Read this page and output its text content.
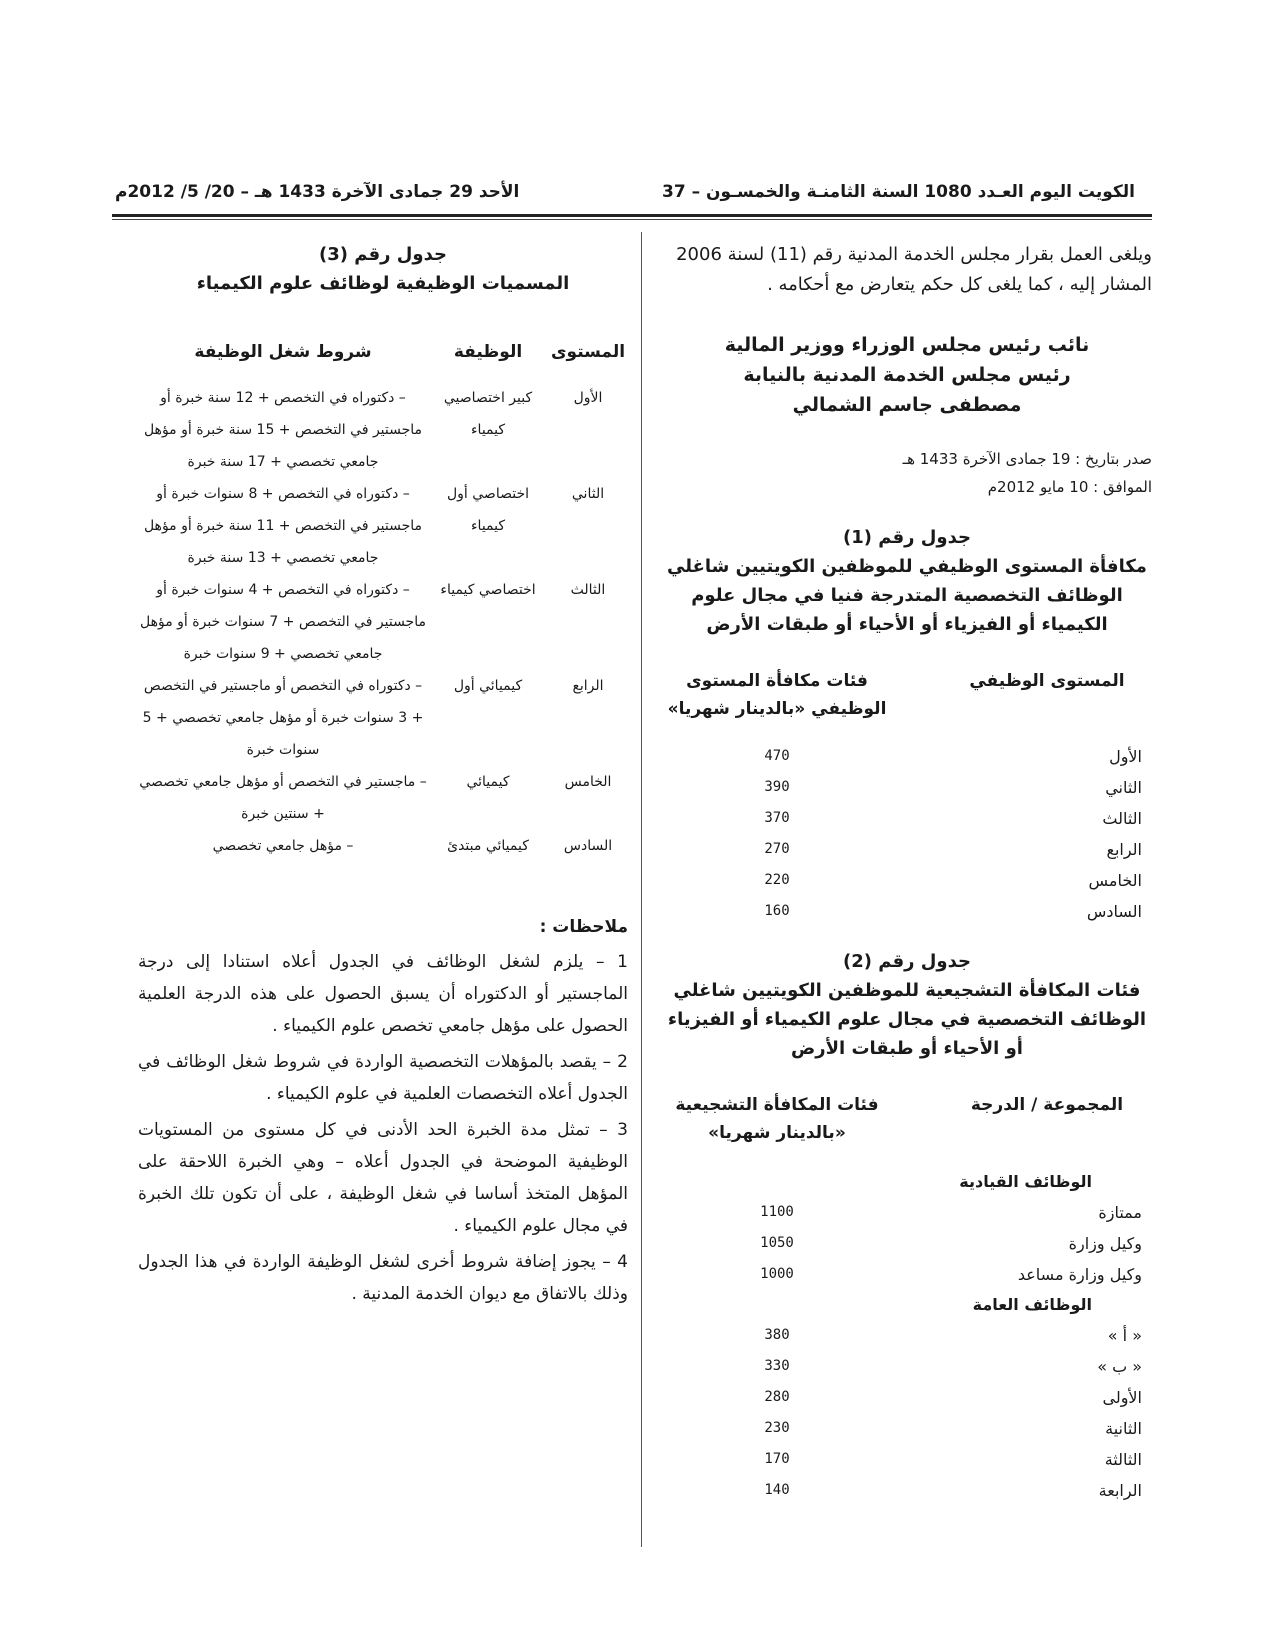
الكويت اليوم العـدد 1080 السنة الثامنـة والخمسـون – 37
الأحد 29 جمادى الآخرة 1433 هـ – 20/ 5/ 2012م
ويلغى العمل بقرار مجلس الخدمة المدنية رقم (11) لسنة 2006 المشار إليه ، كما يلغى كل حكم يتعارض مع أحكامه .
نائب رئيس مجلس الوزراء ووزير المالية
رئيس مجلس الخدمة المدنية بالنيابة
مصطفى جاسم الشمالي
صدر بتاريخ : 19 جمادى الآخرة 1433 هـ
الموافق : 10 مايو 2012م
جدول رقم (1)
مكافأة المستوى الوظيفي للموظفين الكويتيين شاغلي الوظائف التخصصية المتدرجة فنيا في مجال علوم الكيمياء أو الفيزياء أو الأحياء أو طبقات الأرض
المستوى الوظيفي
فئات مكافأة المستوى الوظيفي «بالدينار شهريا»
الأول
470
الثاني
390
الثالث
370
الرابع
270
الخامس
220
السادس
160
جدول رقم (2)
فئات المكافأة التشجيعية للموظفين الكويتيين شاغلي الوظائف التخصصية في مجال علوم الكيمياء أو الفيزياء أو الأحياء أو طبقات الأرض
المجموعة / الدرجة
فئات المكافأة التشجيعية «بالدينار شهريا»
الوظائف القيادية
ممتازة
1100
وكيل وزارة
1050
وكيل وزارة مساعد
1000
الوظائف العامة
« أ »
380
« ب »
330
الأولى
280
الثانية
230
الثالثة
170
الرابعة
140
جدول رقم (3)
المسميات الوظيفية لوظائف علوم الكيمياء
المستوى
الوظيفة
شروط شغل الوظيفة
الأول
كبير اختصاصيي كيمياء
– دكتوراه في التخصص + 12 سنة خبرة أو ماجستير في التخصص + 15 سنة خبرة أو مؤهل جامعي تخصصي + 17 سنة خبرة
الثاني
اختصاصي أول كيمياء
– دكتوراه في التخصص + 8 سنوات خبرة أو ماجستير في التخصص + 11 سنة خبرة أو مؤهل جامعي تخصصي + 13 سنة خبرة
الثالث
اختصاصي كيمياء
– دكتوراه في التخصص + 4 سنوات خبرة أو ماجستير في التخصص + 7 سنوات خبرة أو مؤهل جامعي تخصصي + 9 سنوات خبرة
الرابع
كيميائي أول
– دكتوراه في التخصص أو ماجستير في التخصص + 3 سنوات خبرة أو مؤهل جامعي تخصصي + 5 سنوات خبرة
الخامس
كيميائي
– ماجستير في التخصص أو مؤهل جامعي تخصصي + سنتين خبرة
السادس
كيميائي مبتدئ
– مؤهل جامعي تخصصي
ملاحظات :
1 – يلزم لشغل الوظائف في الجدول أعلاه استنادا إلى درجة الماجستير أو الدكتوراه أن يسبق الحصول على هذه الدرجة العلمية الحصول على مؤهل جامعي تخصص علوم الكيمياء .
2 – يقصد بالمؤهلات التخصصية الواردة في شروط شغل الوظائف في الجدول أعلاه التخصصات العلمية في علوم الكيمياء .
3 – تمثل مدة الخبرة الحد الأدنى في كل مستوى من المستويات الوظيفية الموضحة في الجدول أعلاه – وهي الخبرة اللاحقة على المؤهل المتخذ أساسا في شغل الوظيفة ، على أن تكون تلك الخبرة في مجال علوم الكيمياء .
4 – يجوز إضافة شروط أخرى لشغل الوظيفة الواردة في هذا الجدول وذلك بالاتفاق مع ديوان الخدمة المدنية .
